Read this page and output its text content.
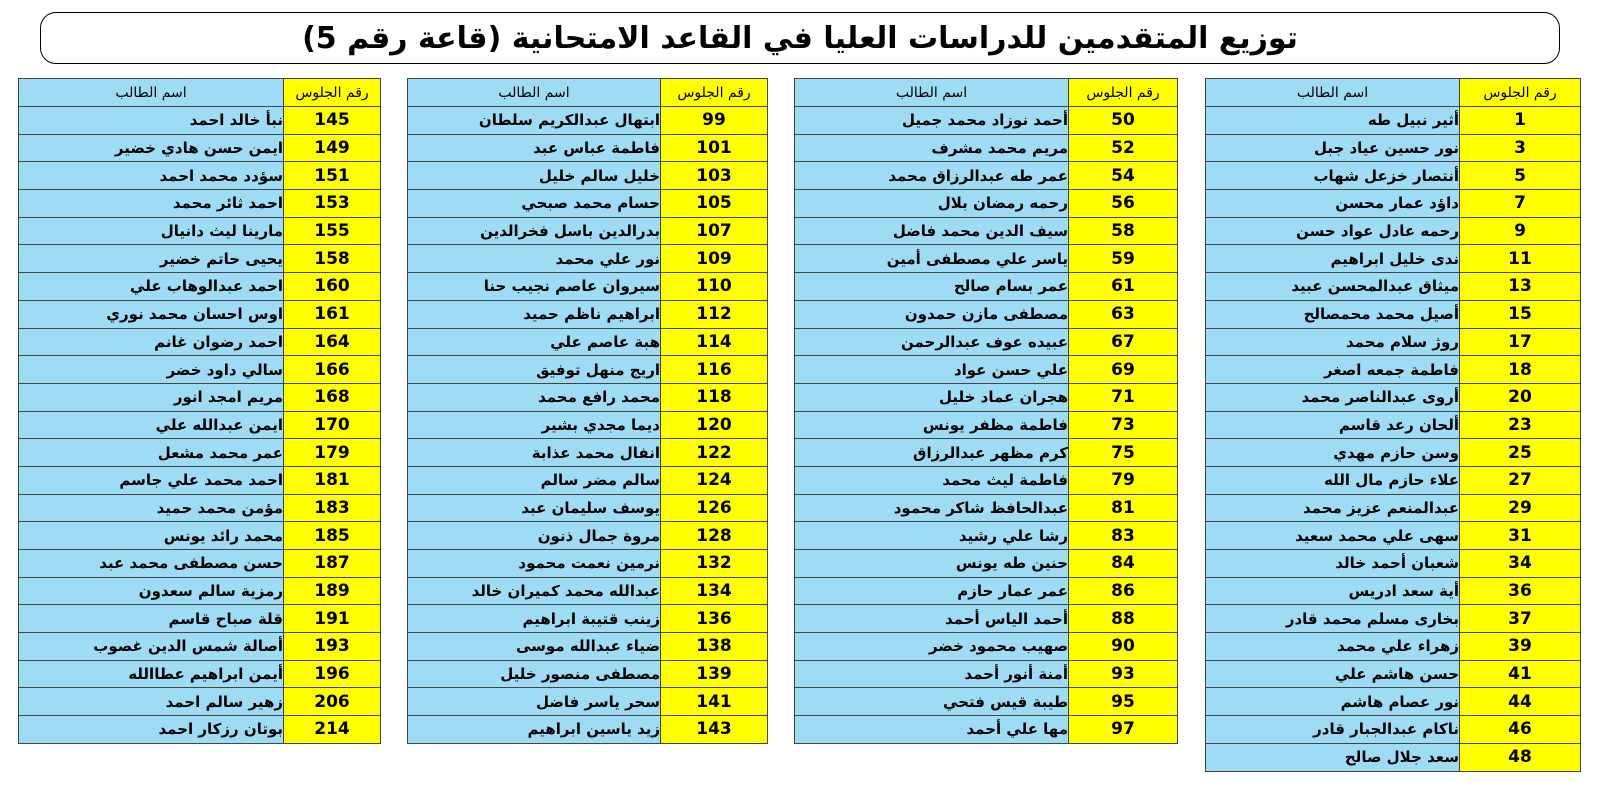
توزيع المتقدمين للدراسات العليا في القاعد الامتحانية (قاعة رقم 5)
رقم الجلوس	اسم الطالب
1	أثير نبيل طه
3	نور حسين عياد جبل
5	أنتصار خزعل شهاب
7	داؤد عمار محسن
9	رحمه عادل عواد حسن
11	ندى خليل ابراهيم
13	ميثاق عبدالمحسن عبيد
15	أصيل محمد محمصالح
17	روژ سلام محمد
18	فاطمة جمعه اصغر
20	أروى عبدالناصر محمد
23	ألحان رعد قاسم
25	وسن حازم مهدي
27	علاء حازم مال الله
29	عبدالمنعم عزيز محمد
31	سهى علي محمد سعيد
34	شعبان أحمد خالد
36	أية سعد ادريس
37	بخارى مسلم محمد قادر
39	زهراء علي محمد
41	حسن هاشم علي
44	نور عصام هاشم
46	ناكام عبدالجبار قادر
48	سعد جلال صالح
رقم الجلوس	اسم الطالب
50	أحمد نوزاد محمد جميل
52	مريم محمد مشرف
54	عمر طه عبدالرزاق محمد
56	رحمه رمضان بلال
58	سيف الدين محمد فاضل
59	ياسر علي مصطفى أمين
61	عمر بسام صالح
63	مصطفى مازن حمدون
67	عبيده عوف عبدالرحمن
69	علي حسن عواد
71	هجران عماد خليل
73	فاطمة مظفر يونس
75	كرم مظهر عبدالرزاق
79	فاطمة ليث محمد
81	عبدالحافظ شاكر محمود
83	رشا علي رشيد
84	حنين طه يونس
86	عمر عمار حازم
88	أحمد الياس أحمد
90	صهيب محمود خضر
93	أمنة أنور أحمد
95	طيبة قيس فتحي
97	مها علي أحمد
رقم الجلوس	اسم الطالب
99	ابتهال عبدالكريم سلطان
101	فاطمة عباس عبد
103	خليل سالم خليل
105	حسام محمد صبحي
107	بدرالدين باسل فخرالدين
109	نور علي محمد
110	سيروان عاصم نجيب حنا
112	ابراهيم ناظم حميد
114	هبة عاصم علي
116	اريج منهل توفيق
118	محمد رافع محمد
120	ديما مجدي بشير
122	انفال محمد عذابة
124	سالم مضر سالم
126	يوسف سليمان عبد
128	مروة جمال ذنون
132	نرمين نعمت محمود
134	عبدالله محمد كميران خالد
136	زينب قتيبة ابراهيم
138	ضياء عبدالله موسى
139	مصطفى منصور خليل
141	سحر ياسر فاضل
143	زيد ياسين ابراهيم
رقم الجلوس	اسم الطالب
145	نبأ خالد احمد
149	ايمن حسن هادي خضير
151	سؤدد محمد احمد
153	احمد ثائر محمد
155	مارينا ليث دانيال
158	يحيى حاتم خضير
160	احمد عبدالوهاب علي
161	اوس احسان محمد نوري
164	احمد رضوان غانم
166	سالي داود خضر
168	مريم امجد انور
170	ايمن عبدالله علي
179	عمر محمد مشعل
181	احمد محمد علي جاسم
183	مؤمن محمد حميد
185	محمد رائد يونس
187	حسن مصطفى محمد عبد
189	رمزية سالم سعدون
191	قلة صباح قاسم
193	أصالة شمس الدين غصوب
196	أيمن ابراهيم عطاالله
206	زهير سالم احمد
214	بوتان رزكار احمد
